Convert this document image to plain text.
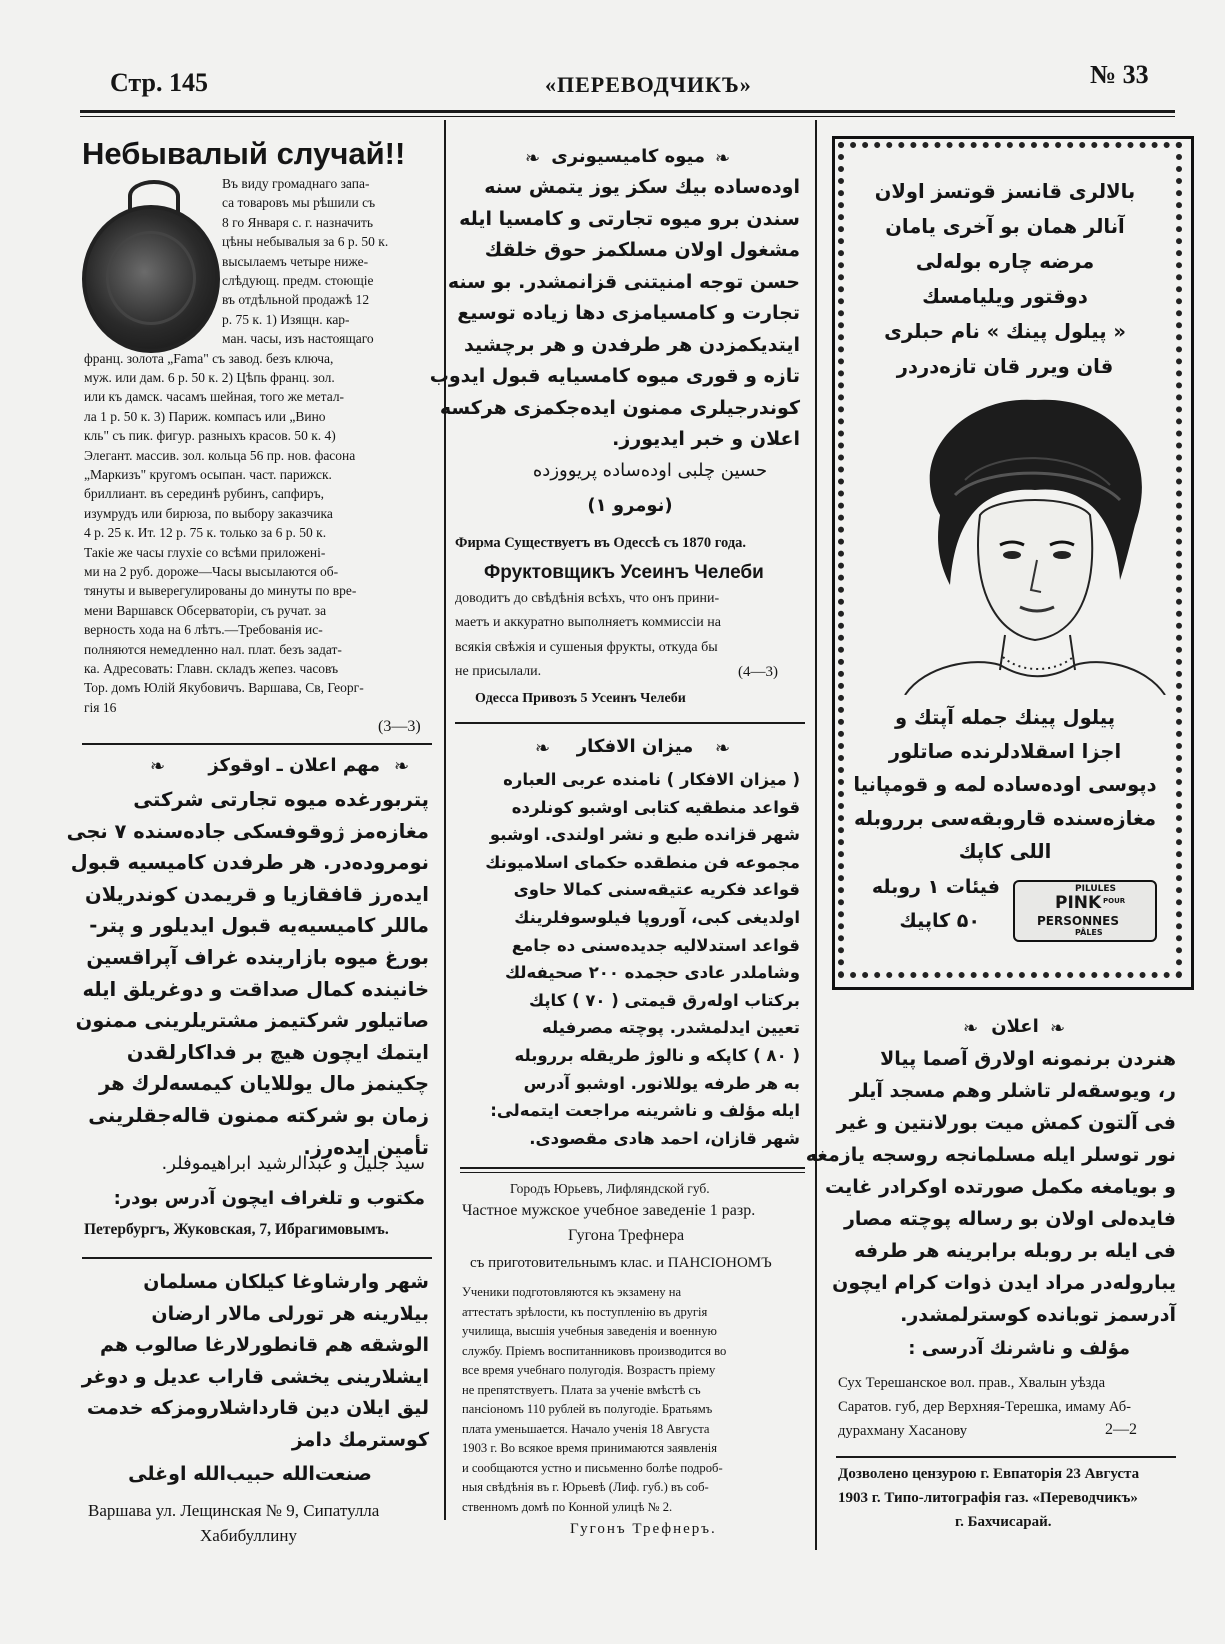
Стр. 145	«ПЕРЕВОДЧИКЪ»	№ 33
Небывалый случай!!
Въ виду громаднаго запа-
са товаровъ мы рѣшили съ
8 го Января с. г. назначить
цѣны небывалыя за 6 р. 50 к.
высылаемъ четыре ниже-
слѣдующ. предм. стоющіе
въ отдѣльной продажѣ 12
р. 75 к. 1) Изящн. кар-
ман. часы, изъ настоящаго
франц. золота „Fama" съ завод. безъ ключа,
муж. или дам. 6 р. 50 к. 2) Цѣпь франц. зол.
или къ дамск. часамъ шейная, того же метал-
ла 1 р. 50 к. 3) Париж. компасъ или „Вино
кль" съ пик. фигур. разныхъ красов. 50 к. 4)
Элегант. массив. зол. кольца 56 пр. нов. фасона
„Маркизъ" кругомъ осыпан. част. парижск.
бриллиант. въ серединѣ рубинъ, сапфиръ,
изумрудъ или бирюза, по выбору заказчика
4 р. 25 к. Ит. 12 р. 75 к. только за 6 р. 50 к.
Такіе же часы глухіе со всѣми приложені-
ми на 2 руб. дороже—Часы высылаются об-
тянуты и выверегулированы до минуты по вре-
мени Варшавск Обсерваторіи, съ ручат. за
верность хода на 6 лѣтъ.—Требованія ис-
полняются немедленно нал. плат. безъ задат-
ка. Адресовать: Главн. складъ жепез. часовъ
Тор. домъ Юлій Якубовичъ. Варшава, Св, Георг-
гія 16
(3—3)
❧	مهم اعلان ـ اوقوكز ❧
پتربورغده میوه تجارتی شركتی
مغازه‌مز ژوقوفسكی جاده‌سنده ۷ نجی
نومرو‌ده‌در. هر طرفدن كامیسیه قبول
ایده‌رز قافقازیا و قریمدن كوندریلان
ماللر كامیسیه‌یه قبول ایدیلور و پتر-
بورغ میوه بازارینده غراف آپراقسین
خانینده كمال صداقت و دوغریلق ایله
صاتیلور شركتیمز مشتریلرینی ممنون
ایتمك ایچون هیچ بر فداكارلقدن
چكینمز مال یوللایان كیمسه‌لرك هر
زمان بو شركته ممنون قاله‌جقلرینی
تأمین ایده‌رز.
سید جلیل و عبدالرشید ابراهیموفلر.
مكتوب و تلغراف ایچون آدرس بودر:
Петербургъ, Жуковская, 7, Ибрагимовымъ.
شهر وارشاوغا كیلكان مسلمان
بیلارینه هر تورلی مالار ارضان
الوشقه هم قانطورلارغا صالوب هم
ایشلارینی یخشی قاراب عدیل و دوغر
لیق ایلان دین قارداشلارومزكه خدمت
كوسترمك دامز
صنعت‌الله حبیب‌الله اوغلی
Варшава ул. Лещинская № 9, Сипатулла
Хабибуллину
❧ میوه كامیسیونری ❧
اوده‌ساده بیك سكز یوز یتمش سنه
سندن برو میوه تجارتی و كامسیا ایله
مشغول اولان مسلكمز حوق خلقك
حسن توجه امنیتنی قزانمشدر. بو سنه
تجارت و كامسیامزی دها زیاده توسیع
ایتدیكمزدن هر طرفدن و هر برچشید
تازه و قوری میوه كامسیایه قبول ایدوب
كوندرجیلری ممنون ایده‌جكمزی هركسه
اعلان و خبر ایدیورز.
حسین چلبی اوده‌ساده پریووزده
(نومرو ۱)
Фирма Существуетъ въ Одессѣ съ 1870 года.
Фруктовщикъ Усеинъ Челеби
доводитъ до свѣдѣнія всѣхъ, что онъ прини-
маетъ и аккуратно выполняетъ коммиссіи на
всякія свѣжія и сушеныя фрукты, откуда бы
не присылали.	(4—3)
Одесса Привозъ 5 Усеинъ Челеби
❧	میزان الافكار	❧
( میزان الافكار ) نامنده عربی العباره
قواعد منطقیه كتابی اوشبو كونلرده
شهر قزانده طبع و نشر اولندی. اوشبو
مجموعه فن منطقده حكمای اسلامیونك
قواعد فكریه عتیقه‌سنی كمالا حاوی
اولدیغی كبی، آوروپا فیلوسوفلرینك
قواعد استدلالیه جدیده‌سنی ده جامع
وشاملدر عادی حجمده ۲۰۰ صحیفه‌لك
بركتاب اوله‌رق قیمتی ( ۷۰ ) كاپك
تعیین ایدلمشدر. پوچته مصرفیله
( ۸۰ ) كاپكه و نالوژ طریقله برروبله
به هر طرفه یوللانور. اوشبو آدرس
ایله مؤلف و ناشرینه مراجعت ایتمه‌لی:
شهر قازان، احمد هادی مقصودی.
Городъ Юрьевъ, Лифляндской губ.
Частное мужское учебное заведеніе 1 разр.
Гугона Трефнера
съ приготовительнымъ клас. и ПАНСІОНОМЪ
Ученики подготовляются къ экзамену на
аттестатъ зрѣлости, къ поступленію въ другія
училища, высшія учебныя заведенія и военную
службу. Пріемъ воспитанниковъ производится во
все время учебнаго полугодія. Возрастъ пріему
не препятствуетъ. Плата за ученіе вмѣстѣ съ
пансіономъ 110 рублей въ полугодіе. Братьямъ
плата уменьшается. Начало ученія 18 Августа
1903 г. Во всякое время принимаются заявленія
и сообщаются устно и письменно болѣе подроб-
ныя свѣдѣнія въ г. Юрьевѣ (Лиф. губ.) въ соб-
ственномъ домѣ по Конной улицѣ № 2.
Гугонъ Трефнеръ.
بالالری قانسز قوتسز اولان
آنالر همان بو آخری یامان
مرضه چاره بوله‌لی
دوقتور ویلیامسك
« پیلول پینك » نام حبلری
قان ویرر قان تازه‌دردر
پیلول پینك جمله آپتك و
اجزا اسقلادلرنده صاتلور
دپوسی اوده‌ساده لمه و قومپانیا
مغازه‌سنده قاروبقه‌سی برروبله
اللی كاپك
فیئات ۱ روبله
۵۰ كاپیك
PILULES
PINK POUR
PERSONNES
PÂLES
❧ اعلان ❧
هنردن برنمونه اولارق آصما پیالا
ر، ویوسقه‌لر تاشلر وهم مسجد آیلر
فی آلتون كمش میت بورلانتین و غیر
نور توسلر ایله مسلمانجه روسجه یازمغه
و بویامغه مكمل صورتده اوكرادر غایت
فایده‌لی اولان بو رساله پوچته مصار
فی ایله بر روبله برابرینه هر طرفه
یباروله‌در مراد ایدن ذوات كرام ایچون
آدرسمز توبانده كوسترلمشدر.
مؤلف و ناشرنك آدرسی :
Сух Терешанское вол. прав., Хвалын уѣзда
Саратов. губ, дер Верхняя-Терешка, имаму Аб-
дурахману Хасанову	2—2
Дозволено цензурою г. Евпаторія 23 Августа
1903 г. Типо-литографія газ. «Переводчикъ»
г. Бахчисарай.
